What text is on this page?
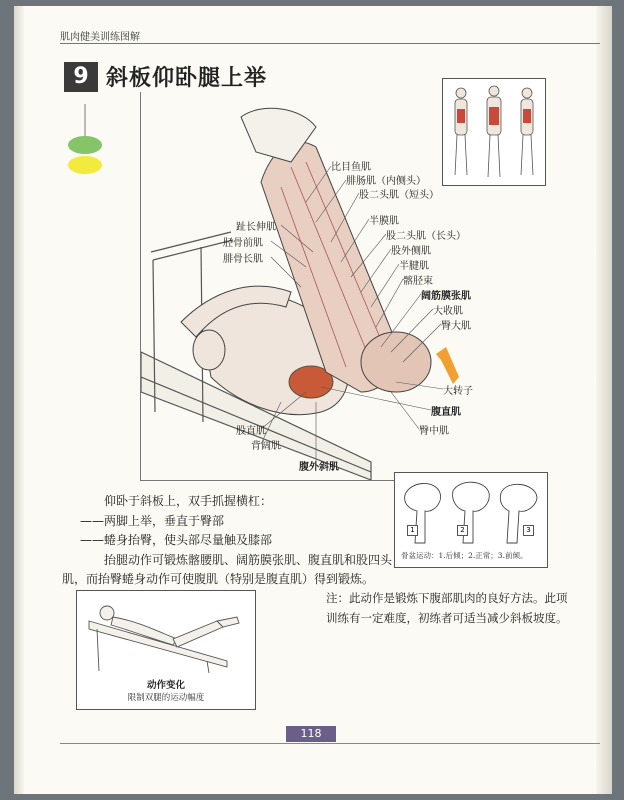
肌肉健美训练图解
9 斜板仰卧腿上举
比目鱼肌
腓肠肌（内侧头）
股二头肌（短头）
半膜肌
趾长伸肌
股二头肌（长头）
胫骨前肌
股外侧肌
腓骨长肌
半腱肌
髂胫束
阔筋膜张肌
大收肌
臀大肌
大转子
腹直肌
股直肌	臀中肌
背阔肌
腹外斜肌
1	2	3
骨盆运动：1.后倾；2.正常；3.前倾。

仰卧于斜板上，双手抓握横杠：

——两脚上举，垂直于臀部

——蜷身抬臀，使头部尽量触及膝部

抬腿动作可锻炼髂腰肌、阔筋膜张肌、腹直肌和股四头

肌，而抬臀蜷身动作可使腹肌（特别是腹直肌）得到锻炼。

注：此动作是锻炼下腹部肌肉的良好方法。此项训练有一定难度，初练者可适当减少斜板坡度。
动作变化
限制双腿的运动幅度
118
